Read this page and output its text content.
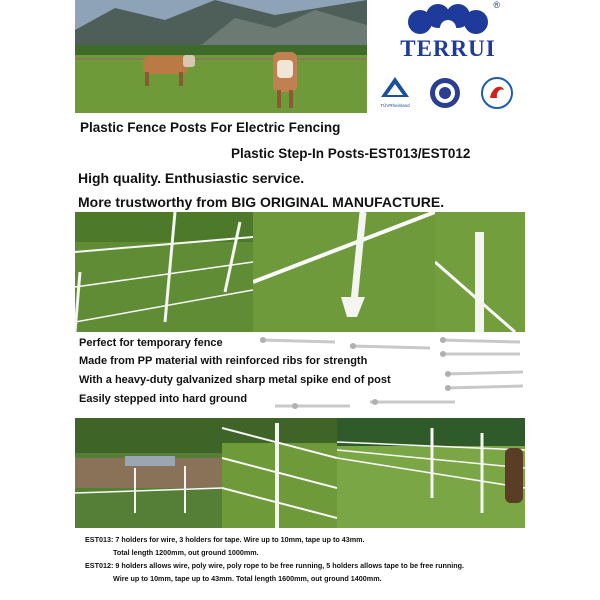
®
TERRUI
TÜVRheinland
Plastic Fence Posts For Electric Fencing
Plastic Step-In Posts-EST013/EST012
High quality. Enthusiastic service.
More trustworthy from BIG ORIGINAL MANUFACTURE.
Perfect for temporary fence
Made from PP material with reinforced ribs for strength
With a heavy-duty galvanized sharp metal spike end of post
Easily stepped into hard ground
EST013: 7 holders for wire, 3 holders for tape. Wire up to 10mm, tape up to 43mm.
Total length 1200mm, out ground 1000mm.
EST012: 9 holders allows wire, poly wire, poly rope to be free running, 5 holders allows tape to be free running.
Wire up to 10mm, tape up to 43mm. Total length 1600mm, out ground 1400mm.
